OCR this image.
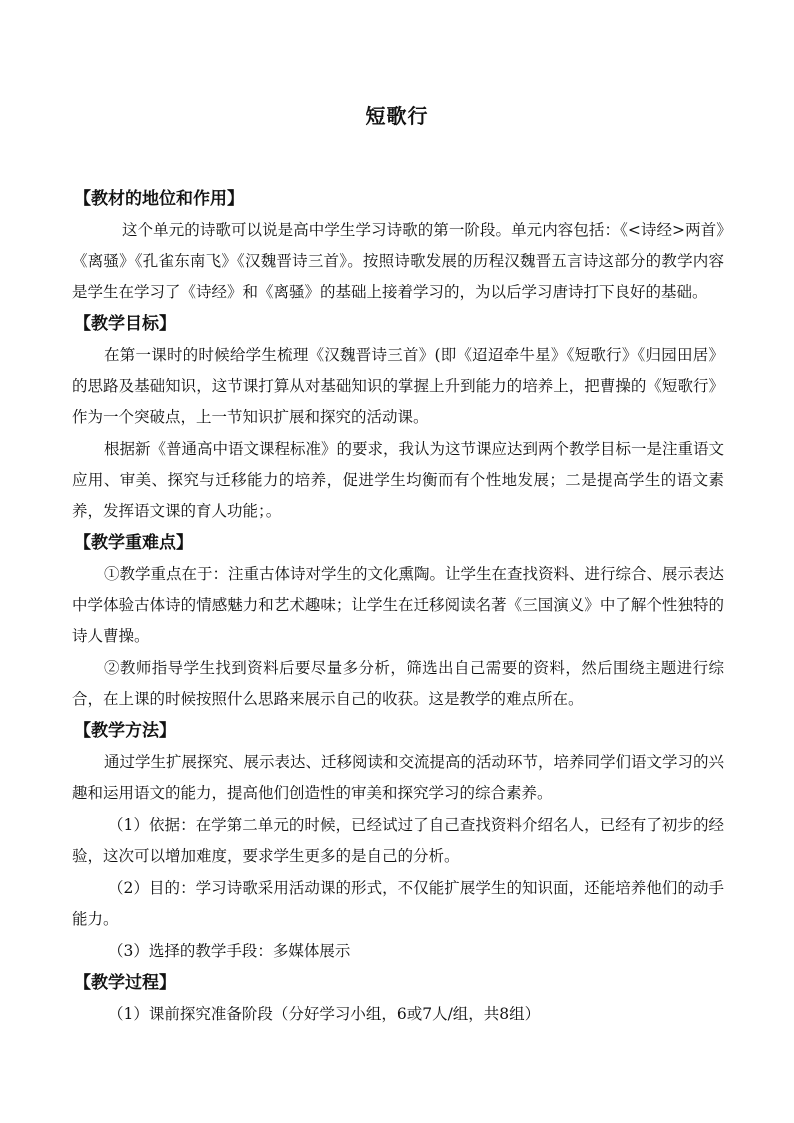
短歌行
【教材的地位和作用】

这个单元的诗歌可以说是高中学生学习诗歌的第一阶段。单元内容包括：《<诗经>两首》《离骚》《孔雀东南飞》《汉魏晋诗三首》。按照诗歌发展的历程汉魏晋五言诗这部分的教学内容是学生在学习了《诗经》和《离骚》的基础上接着学习的，为以后学习唐诗打下良好的基础。

【教学目标】

在第一课时的时候给学生梳理《汉魏晋诗三首》(即《迢迢牵牛星》《短歌行》《归园田居》的思路及基础知识，这节课打算从对基础知识的掌握上升到能力的培养上，把曹操的《短歌行》作为一个突破点，上一节知识扩展和探究的活动课。

根据新《普通高中语文课程标准》的要求，我认为这节课应达到两个教学目标一是注重语文应用、审美、探究与迁移能力的培养，促进学生均衡而有个性地发展；二是提高学生的语文素养，发挥语文课的育人功能；。

【教学重难点】

①教学重点在于：注重古体诗对学生的文化熏陶。让学生在查找资料、进行综合、展示表达中学体验古体诗的情感魅力和艺术趣味；让学生在迁移阅读名著《三国演义》中了解个性独特的诗人曹操。

②教师指导学生找到资料后要尽量多分析，筛选出自己需要的资料，然后围绕主题进行综合，在上课的时候按照什么思路来展示自己的收获。这是教学的难点所在。

【教学方法】

通过学生扩展探究、展示表达、迁移阅读和交流提高的活动环节，培养同学们语文学习的兴趣和运用语文的能力，提高他们创造性的审美和探究学习的综合素养。

（1）依据：在学第二单元的时候，已经试过了自己查找资料介绍名人，已经有了初步的经验，这次可以增加难度，要求学生更多的是自己的分析。

（2）目的：学习诗歌采用活动课的形式，不仅能扩展学生的知识面，还能培养他们的动手能力。

（3）选择的教学手段：多媒体展示

【教学过程】

（1）课前探究准备阶段（分好学习小组，6或7人/组，共8组）
